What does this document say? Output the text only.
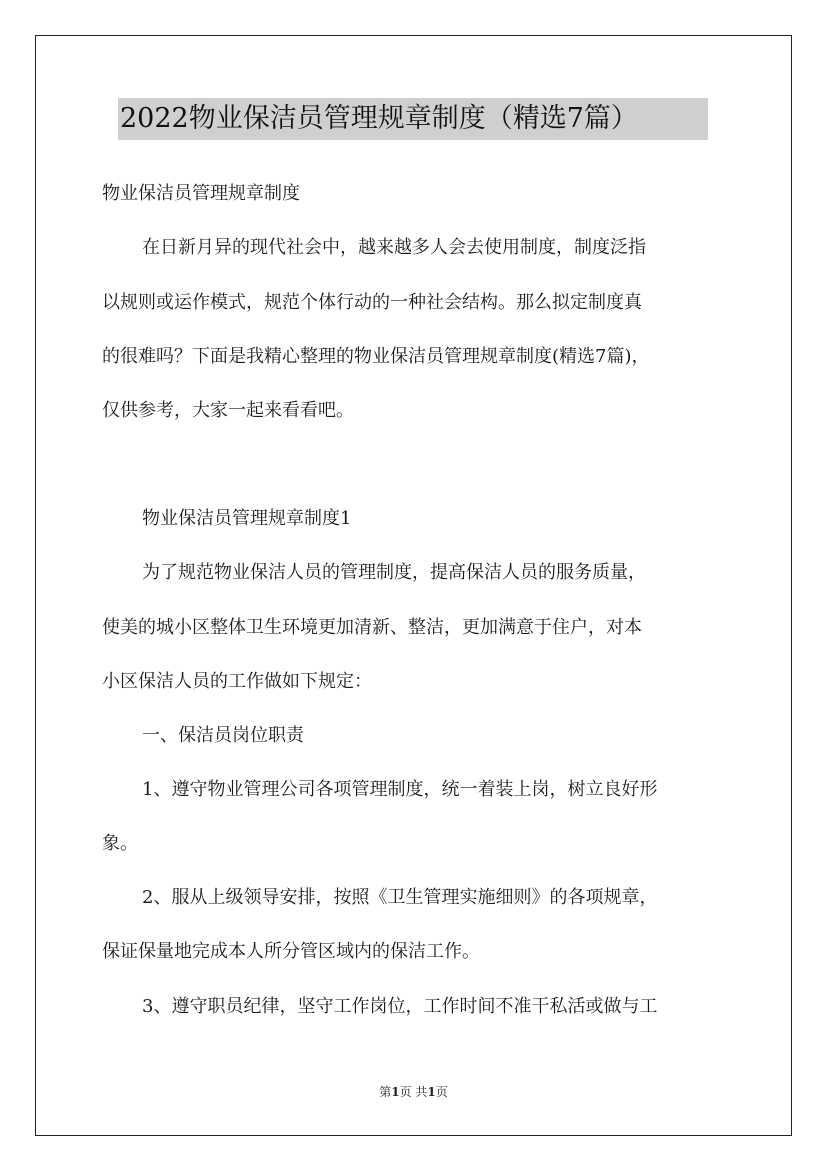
2022物业保洁员管理规章制度（精选7篇）
物业保洁员管理规章制度
在日新月异的现代社会中，越来越多人会去使用制度，制度泛指
以规则或运作模式，规范个体行动的一种社会结构。那么拟定制度真
的很难吗？下面是我精心整理的物业保洁员管理规章制度(精选7篇)，
仅供参考，大家一起来看看吧。
物业保洁员管理规章制度1
为了规范物业保洁人员的管理制度，提高保洁人员的服务质量，
使美的城小区整体卫生环境更加清新、整洁，更加满意于住户，对本
小区保洁人员的工作做如下规定：
一、保洁员岗位职责
1、遵守物业管理公司各项管理制度，统一着装上岗，树立良好形
象。
2、服从上级领导安排，按照《卫生管理实施细则》的各项规章，
保证保量地完成本人所分管区域内的保洁工作。
3、遵守职员纪律，坚守工作岗位，工作时间不准干私活或做与工
第1页 共1页
